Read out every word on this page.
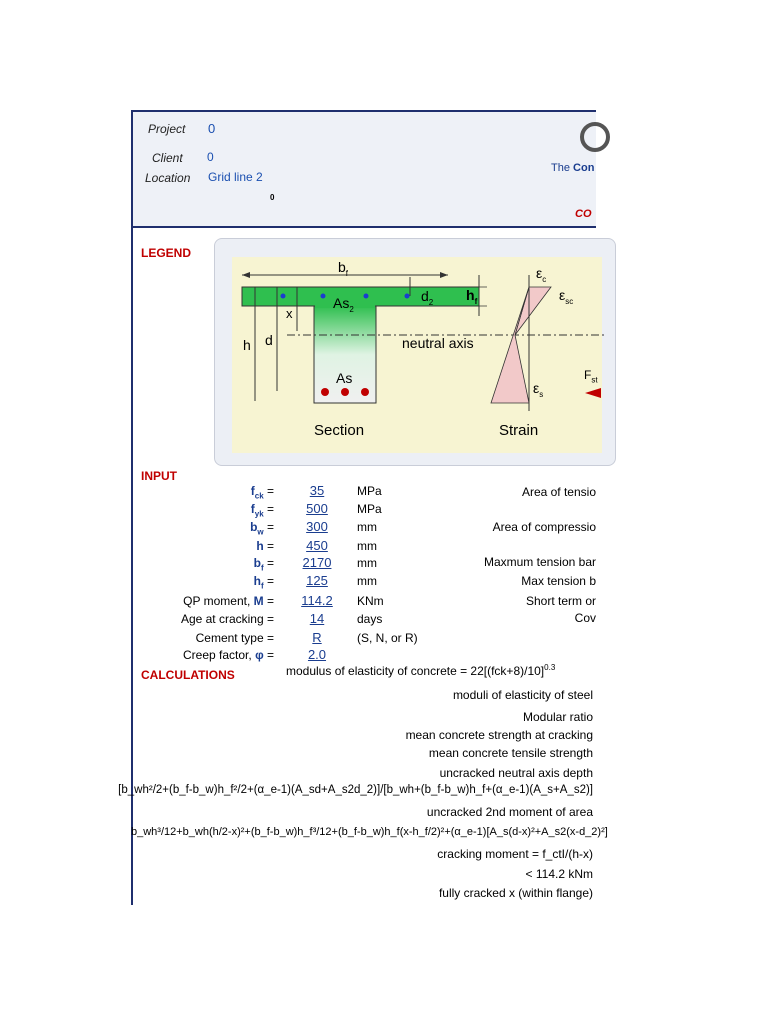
Project 0
Client 0
Location Grid line 2
0
The Con
CO
LEGEND
$b_f$
$h_f$
$d_2$
$As_2$
x
h d
As
neutral axis
Section	Strain
$\varepsilon_c$
$\varepsilon_{sc}$
$\varepsilon_s$
$F_{st}$
INPUT
$f_{ck}$ =	35	MPa
$f_{yk}$ =	500	MPa
$b_w$ =	300	mm
h =	450	mm
$b_f$ =	2170	mm
$h_f$ =	125	mm
QP moment, M =	114.2	KNm
Age at cracking =	14	days
Cement type =	R	(S, N, or R)
Creep factor, φ =	2.0
Area of tensio
Area of compressio
Maxmum tension bar
Max tension b
Short term or
Cov
CALCULATIONS	modulus of elasticity of concrete = $22[(fck+8)/10]^{0.3}$
moduli of elasticity of steel
Modular ratio
mean concrete strength at cracking
mean concrete tensile strength
uncracked neutral axis depth
[b_wh²/2+(b_f-b_w)h_f²/2+(α_e-1)(A_sd+A_s2d_2)]/[b_wh+(b_f-b_w)h_f+(α_e-1)(A_s+A_s2)]
uncracked 2nd moment of area
b_wh³/12+b_wh(h/2-x)²+(b_f-b_w)h_f³/12+(b_f-b_w)h_f(x-h_f/2)²+(α_e-1)[A_s(d-x)²+A_s2(x-d_2)²]
cracking moment = f_ctI/(h-x)
< 114.2 kNm
fully cracked x (within flange)
